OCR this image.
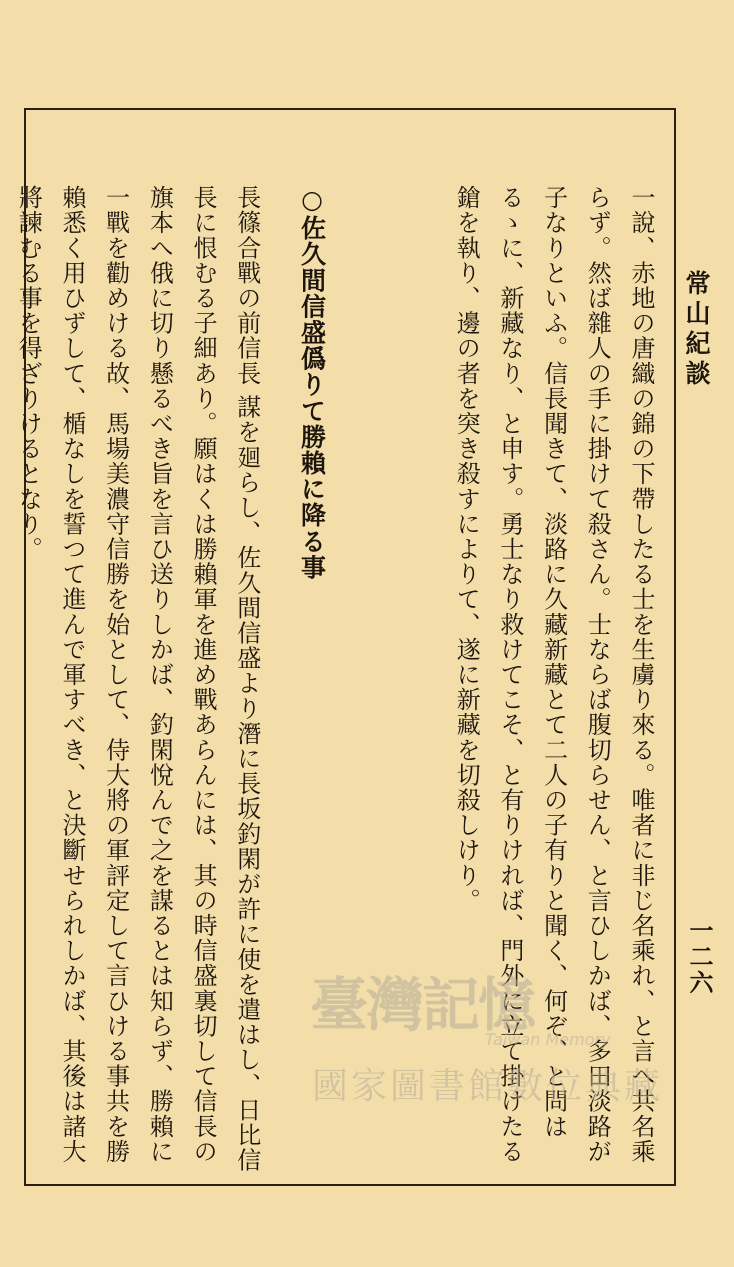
常山紀談
一二六

一說、赤地の唐織の錦の下帶したる士を生虜り來る。唯者に非じ名乘れ、と言へ共名乘らず。然ば雜人の手に掛けて殺さん。士ならば腹切らせん、と言ひしかば、多田淡路が子なりといふ。信長聞きて、淡路に久藏新藏とて二人の子有りと聞く、何ぞ、と問はるゝに、新藏なり、と申す。勇士なり救けてこそ、と有りければ、門外に立て掛けたる鎗を執り、邊の者を突き殺すによりて、遂に新藏を切殺しけり。

○佐久間信盛僞りて勝賴に降る事

長篠合戰の前信長 謀を廻らし、佐久間信盛より潛に長坂釣閑が許に使を遣はし、日比信長に恨むる子細あり。願はくは勝賴軍を進め戰あらんには、其の時信盛裏切して信長の旗本へ俄に切り懸るべき旨を言ひ送りしかば、釣閑悅んで之を謀るとは知らず、勝賴に一戰を勸めける故、馬場美濃守信勝を始として、侍大將の軍評定して言ひける事共を勝賴悉く用ひずして、楯なしを誓つて進んで軍すべき、と決斷せられしかば、其後は諸大將諫むる事を得ざりけるとなり。

臺灣記憶
Taiwan Memory
國家圖書館數位典藏
